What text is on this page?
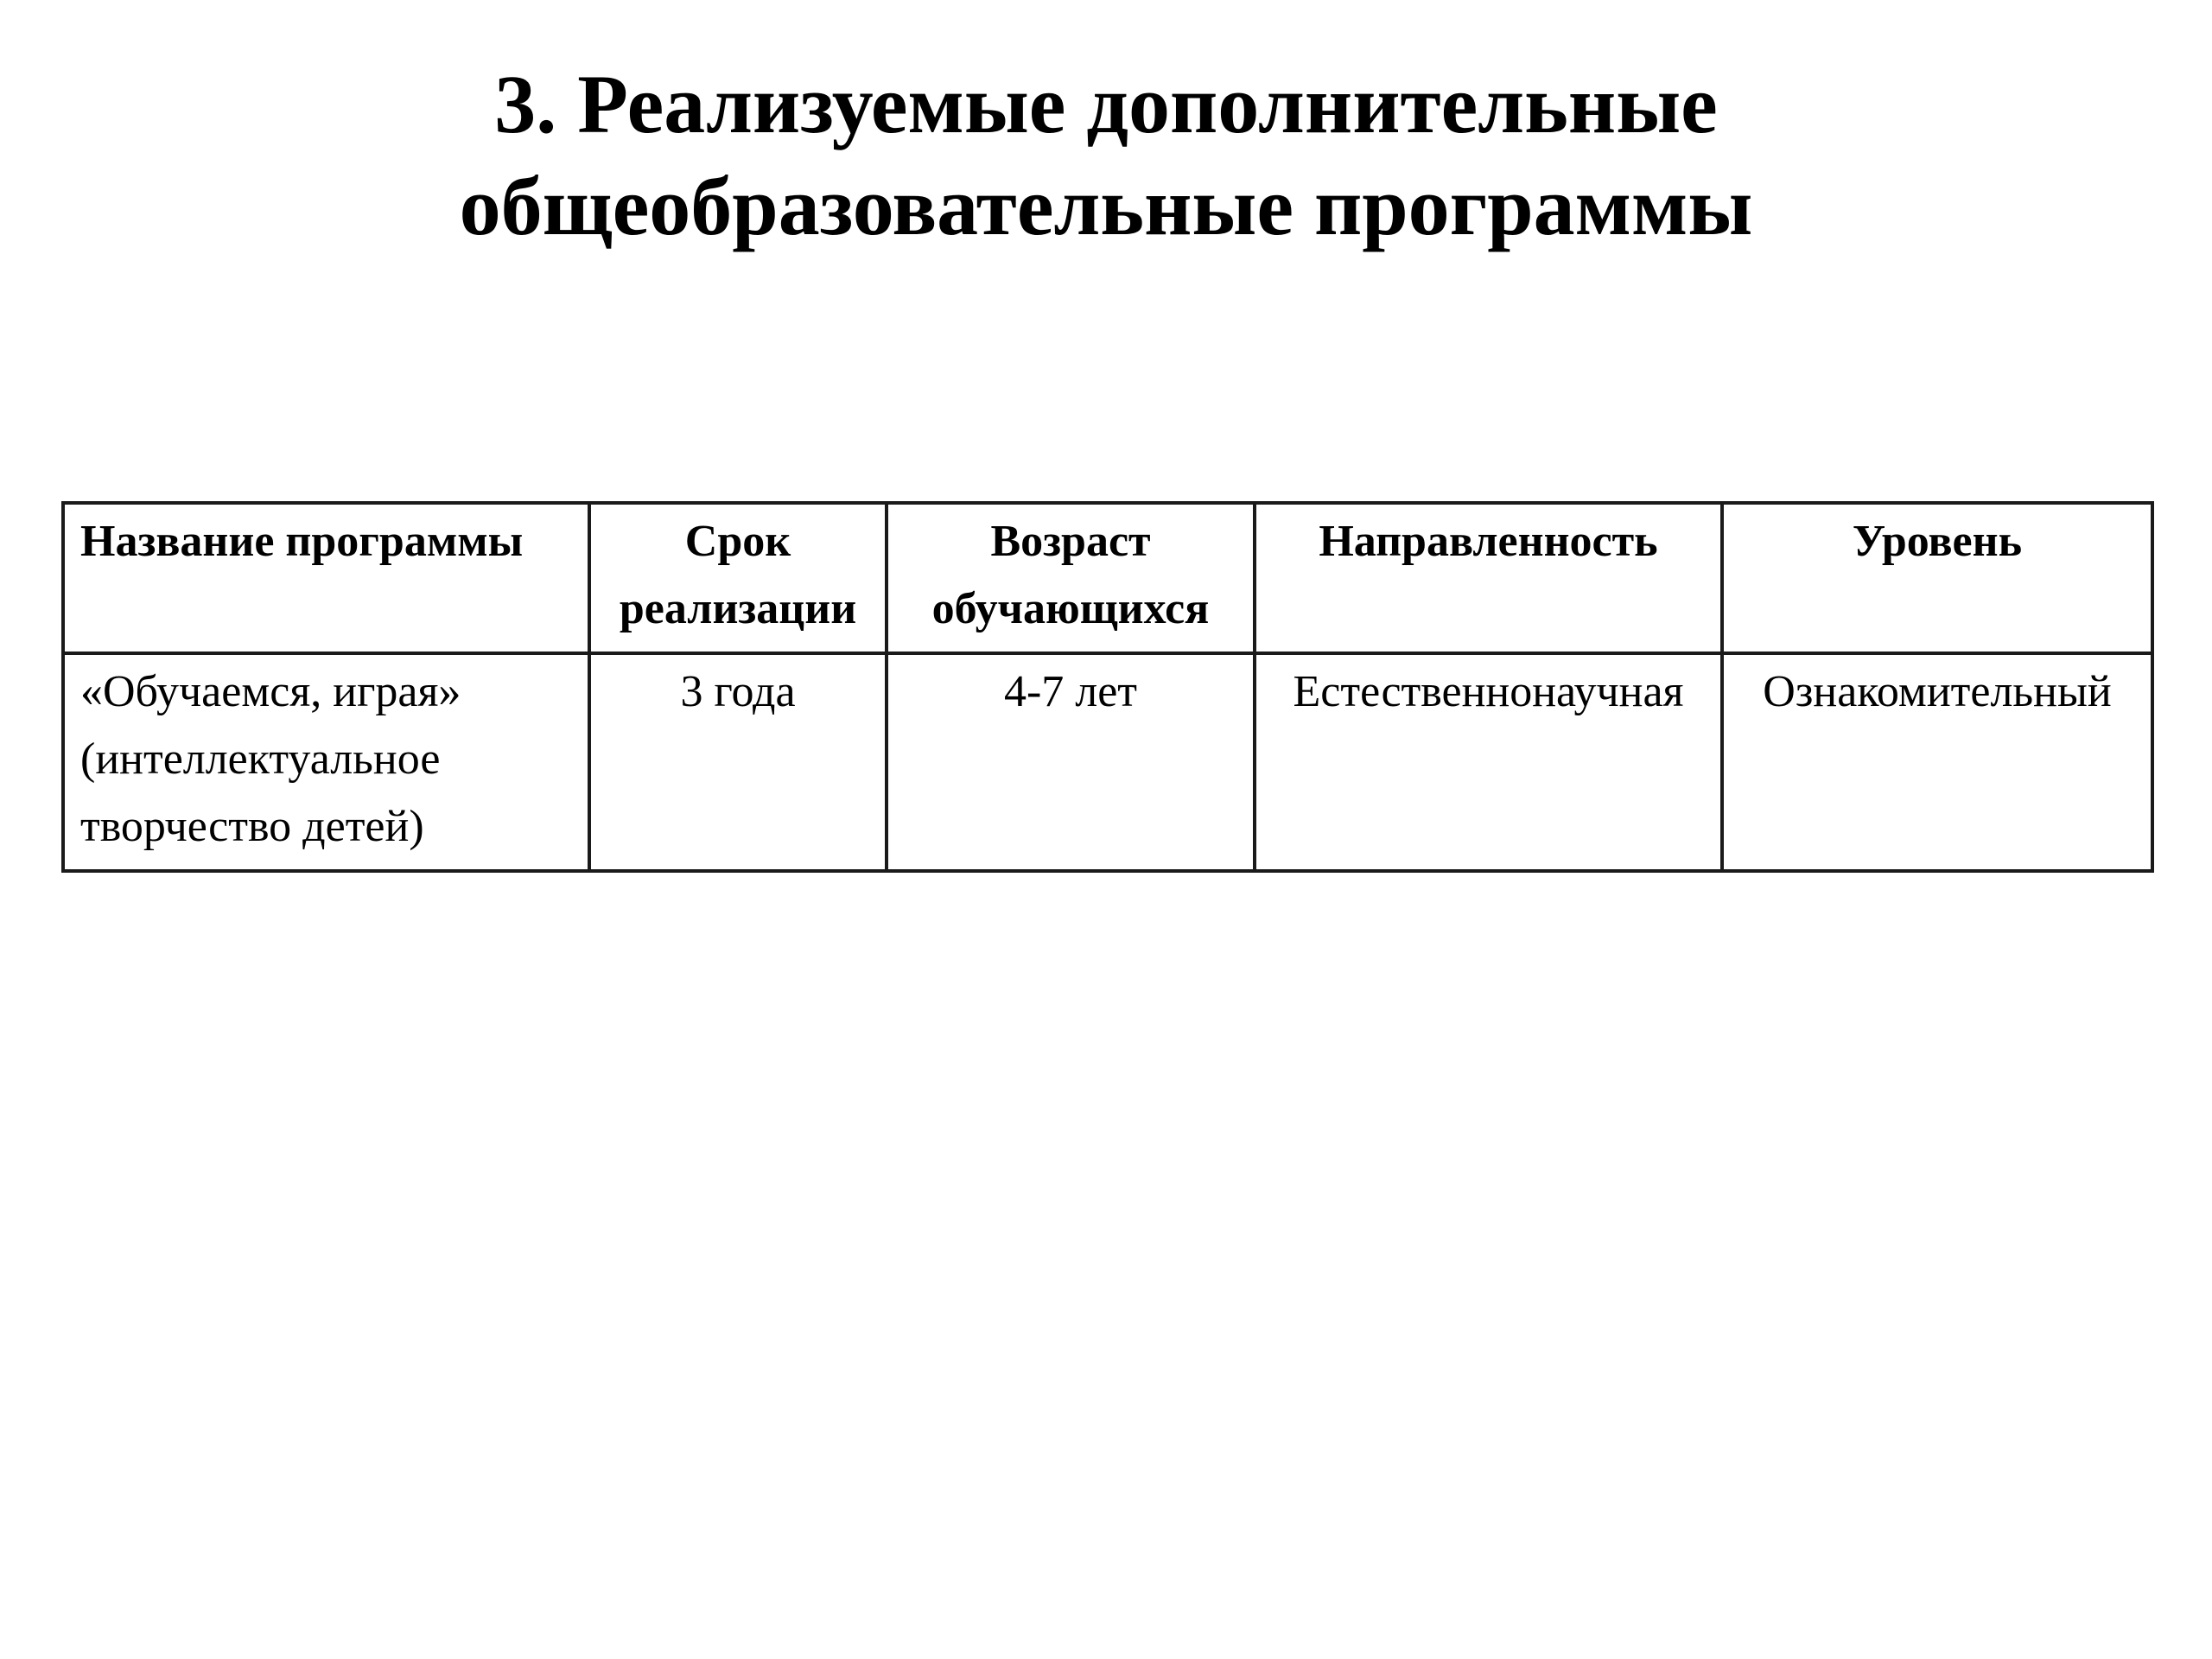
3. Реализуемые дополнительные
общеобразовательные программы
Название программы	Срок реализации	Возраст обучающихся	Направленность	Уровень
«Обучаемся, играя» (интеллектуальное творчество детей)	3 года	4-7 лет	Естественнонаучная	Ознакомительный
